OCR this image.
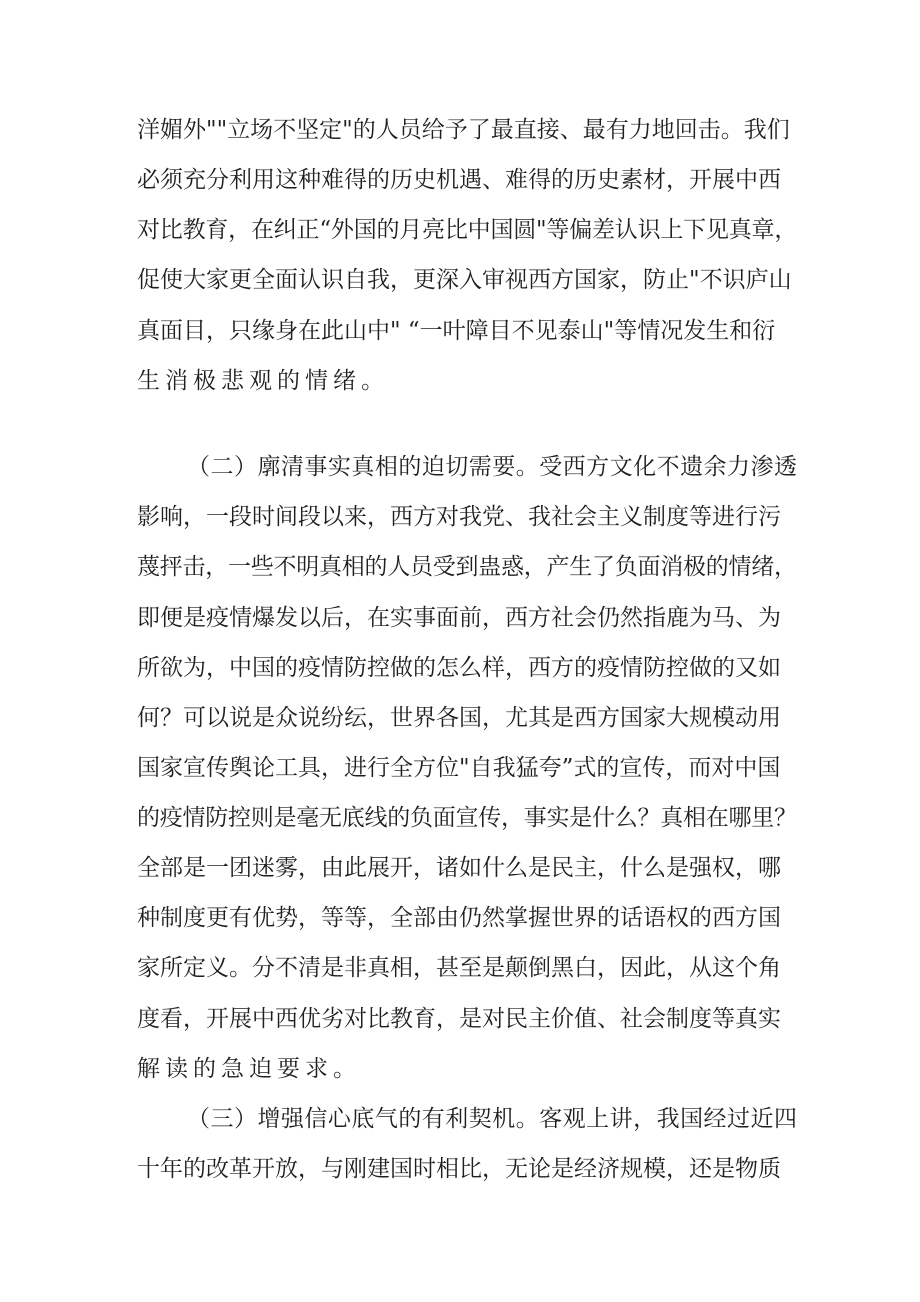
洋媚外""立场不坚定"的人员给予了最直接、最有力地回击。我们
必须充分利用这种难得的历史机遇、难得的历史素材，开展中西
对比教育，在纠正“外国的月亮比中国圆"等偏差认识上下见真章，
促使大家更全面认识自我，更深入审视西方国家，防止"不识庐山
真面目，只缘身在此山中" “一叶障目不见泰山"等情况发生和衍
生消极悲观的情绪。
（二）廓清事实真相的迫切需要。受西方文化不遗余力渗透
影响，一段时间段以来，西方对我党、我社会主义制度等进行污
蔑抨击，一些不明真相的人员受到蛊惑，产生了负面消极的情绪，
即便是疫情爆发以后，在实事面前，西方社会仍然指鹿为马、为
所欲为，中国的疫情防控做的怎么样，西方的疫情防控做的又如
何？可以说是众说纷纭，世界各国，尤其是西方国家大规模动用
国家宣传舆论工具，进行全方位"自我猛夸”式的宣传，而对中国
的疫情防控则是毫无底线的负面宣传，事实是什么？真相在哪里？
全部是一团迷雾，由此展开，诸如什么是民主，什么是强权，哪
种制度更有优势，等等，全部由仍然掌握世界的话语权的西方国
家所定义。分不清是非真相，甚至是颠倒黑白，因此，从这个角
度看，开展中西优劣对比教育，是对民主价值、社会制度等真实
解读的急迫要求。
（三）增强信心底气的有利契机。客观上讲，我国经过近四
十年的改革开放，与刚建国时相比，无论是经济规模，还是物质
